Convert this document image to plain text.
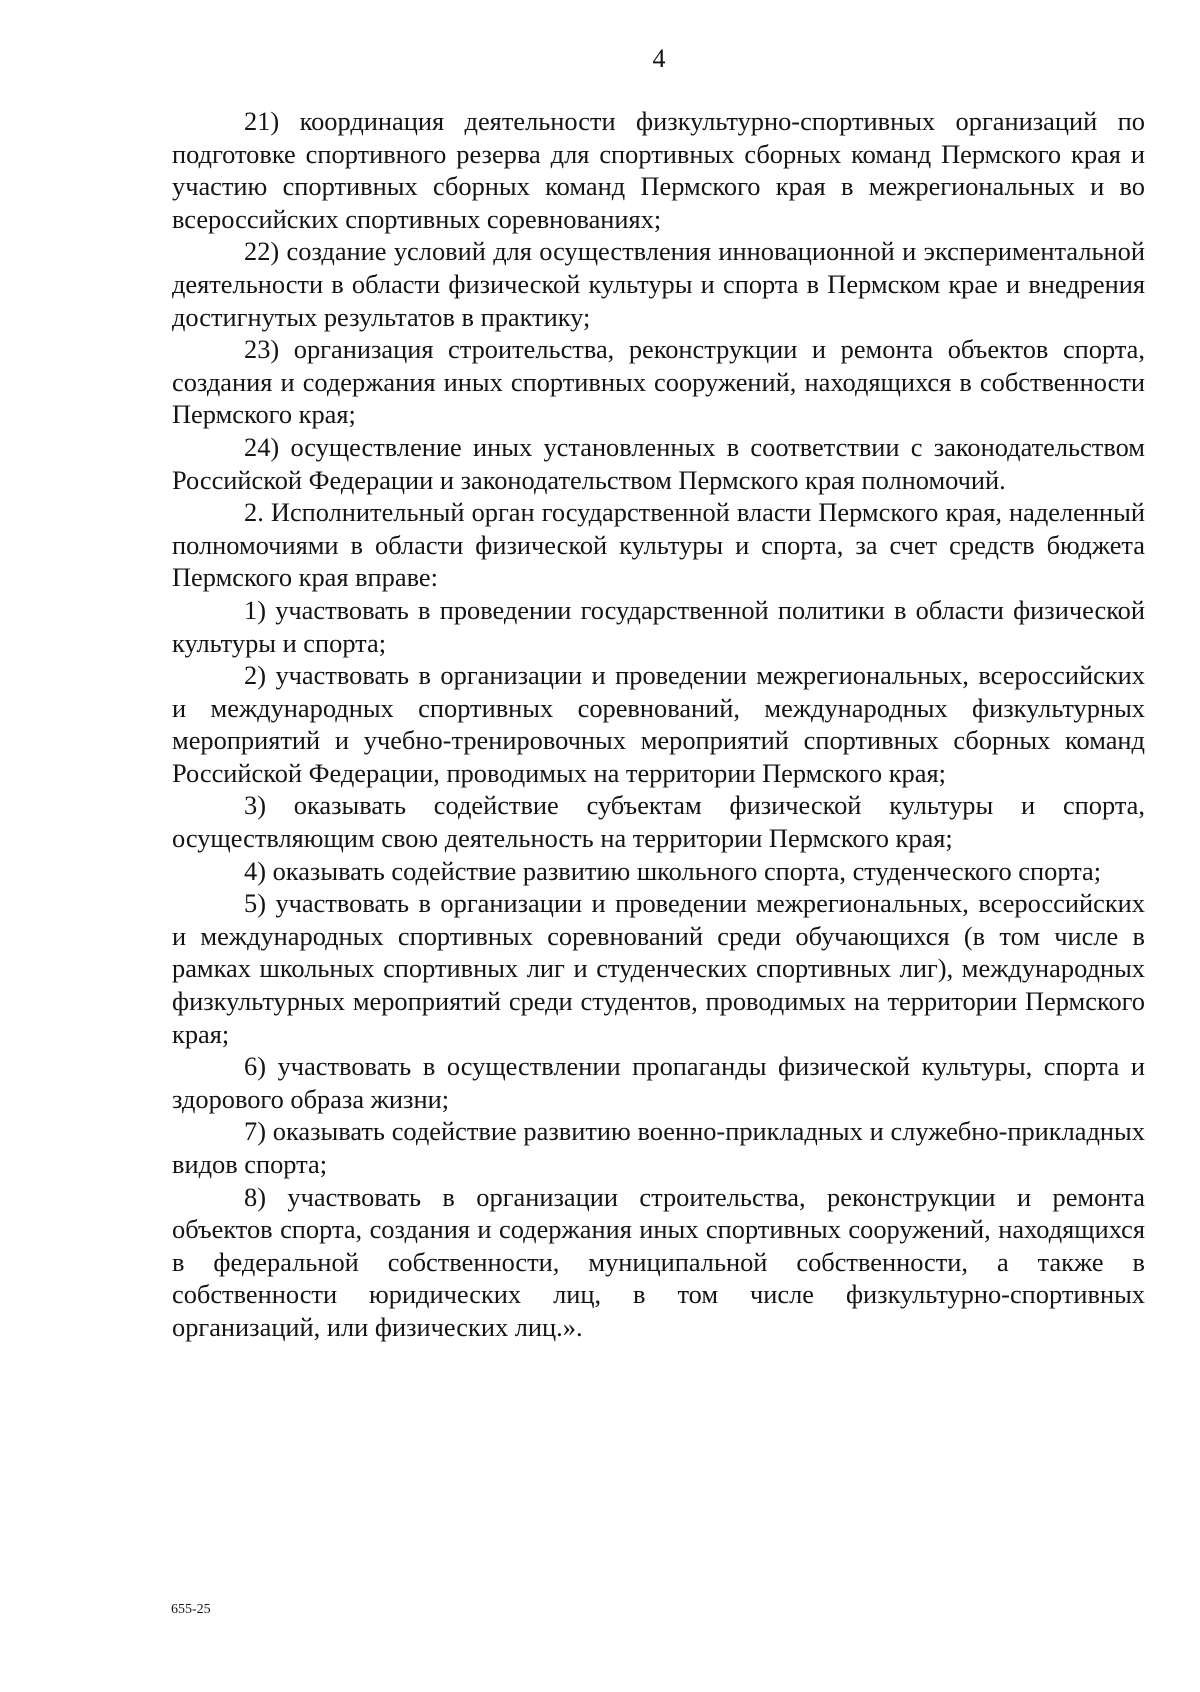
4

21) координация деятельности физкультурно-спортивных организаций по подготовке спортивного резерва для спортивных сборных команд Пермского края и участию спортивных сборных команд Пермского края в межрегиональных и во всероссийских спортивных соревнованиях;

22) создание условий для осуществления инновационной и экспериментальной деятельности в области физической культуры и спорта в Пермском крае и внедрения достигнутых результатов в практику;

23) организация строительства, реконструкции и ремонта объектов спорта, создания и содержания иных спортивных сооружений, находящихся в собственности Пермского края;

24) осуществление иных установленных в соответствии с законодательством Российской Федерации и законодательством Пермского края полномочий.

2. Исполнительный орган государственной власти Пермского края, наделенный полномочиями в области физической культуры и спорта, за счет средств бюджета Пермского края вправе:

1) участвовать в проведении государственной политики в области физической культуры и спорта;

2) участвовать в организации и проведении межрегиональных, всероссийских и международных спортивных соревнований, международных физкультурных мероприятий и учебно-тренировочных мероприятий спортивных сборных команд Российской Федерации, проводимых на территории Пермского края;

3) оказывать содействие субъектам физической культуры и спорта, осуществляющим свою деятельность на территории Пермского края;

4) оказывать содействие развитию школьного спорта, студенческого спорта;

5) участвовать в организации и проведении межрегиональных, всероссийских и международных спортивных соревнований среди обучающихся (в том числе в рамках школьных спортивных лиг и студенческих спортивных лиг), международных физкультурных мероприятий среди студентов, проводимых на территории Пермского края;

6) участвовать в осуществлении пропаганды физической культуры, спорта и здорового образа жизни;

7) оказывать содействие развитию военно-прикладных и служебно-прикладных видов спорта;

8) участвовать в организации строительства, реконструкции и ремонта объектов спорта, создания и содержания иных спортивных сооружений, находящихся в федеральной собственности, муниципальной собственности, а также в собственности юридических лиц, в том числе физкультурно-спортивных организаций, или физических лиц.».

655-25
